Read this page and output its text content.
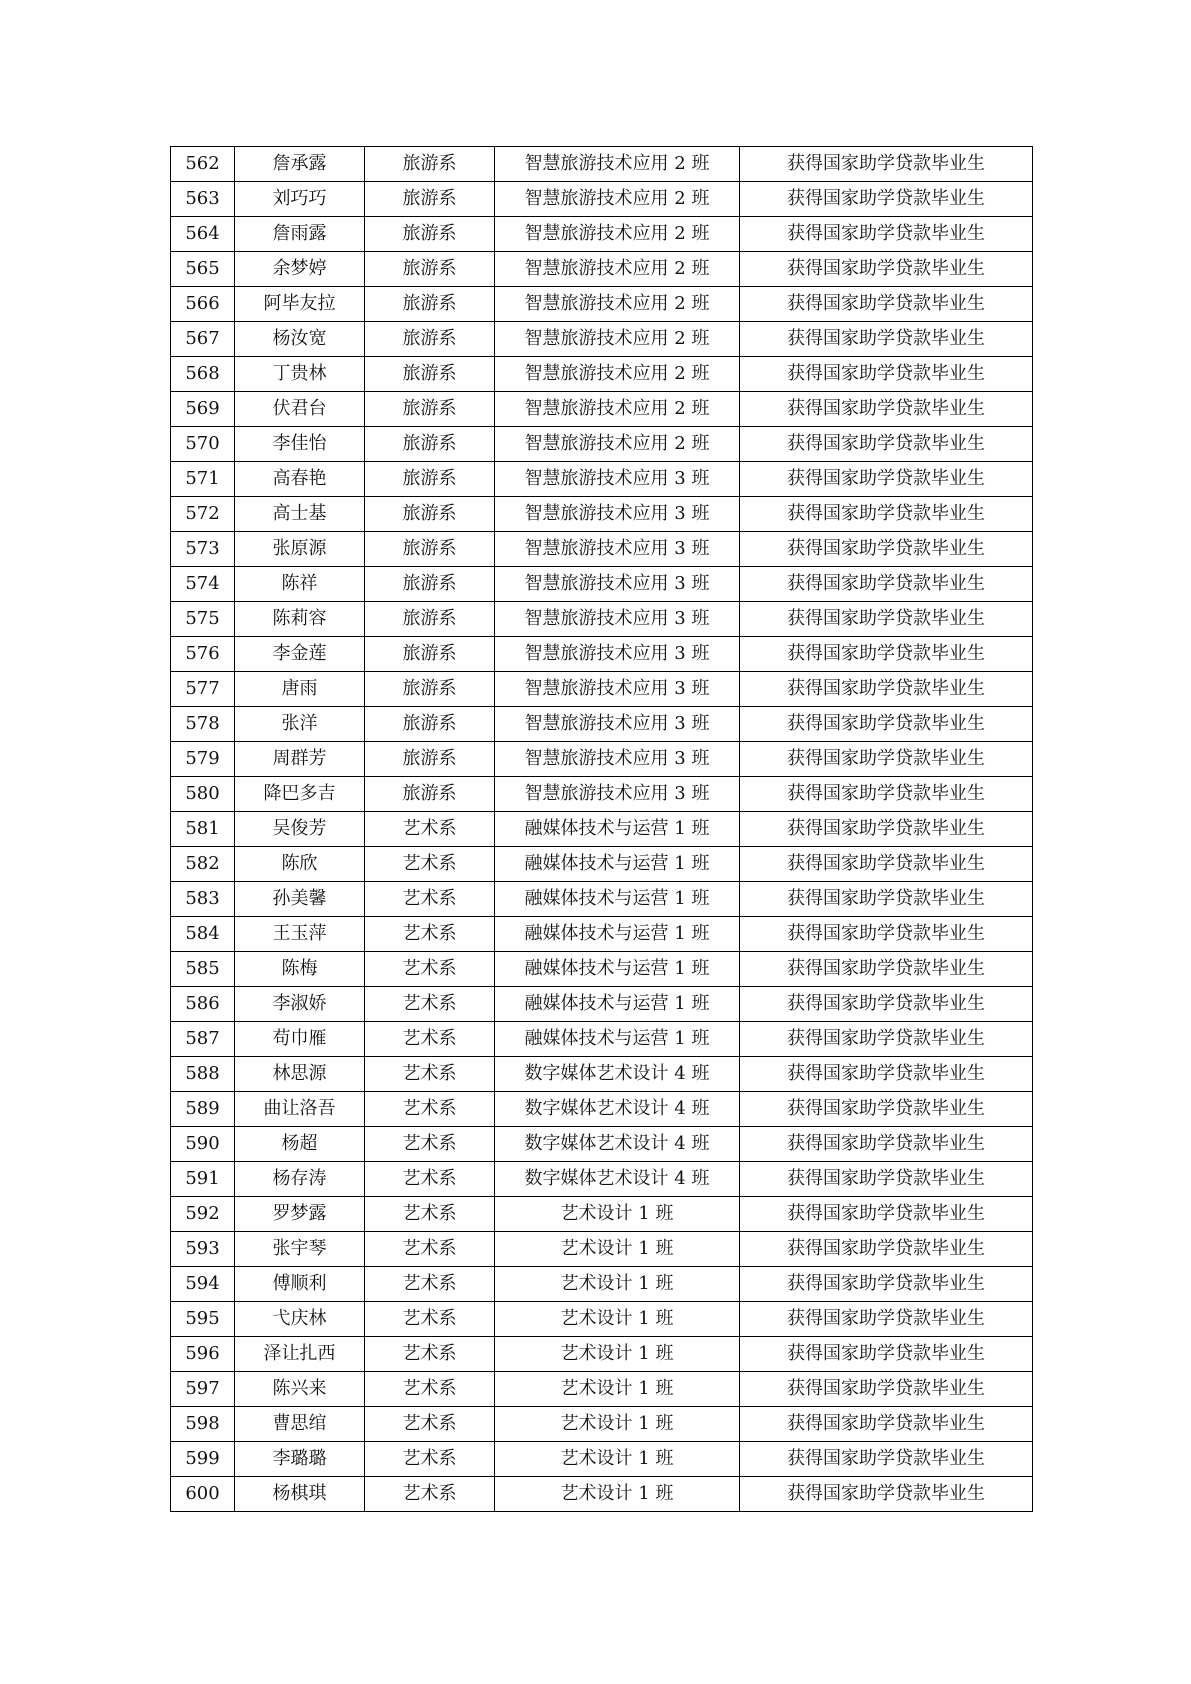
562	詹承露	旅游系	智慧旅游技术应用 2 班	获得国家助学贷款毕业生
563	刘巧巧	旅游系	智慧旅游技术应用 2 班	获得国家助学贷款毕业生
564	詹雨露	旅游系	智慧旅游技术应用 2 班	获得国家助学贷款毕业生
565	余梦婷	旅游系	智慧旅游技术应用 2 班	获得国家助学贷款毕业生
566	阿毕友拉	旅游系	智慧旅游技术应用 2 班	获得国家助学贷款毕业生
567	杨汝宽	旅游系	智慧旅游技术应用 2 班	获得国家助学贷款毕业生
568	丁贵林	旅游系	智慧旅游技术应用 2 班	获得国家助学贷款毕业生
569	伏君台	旅游系	智慧旅游技术应用 2 班	获得国家助学贷款毕业生
570	李佳怡	旅游系	智慧旅游技术应用 2 班	获得国家助学贷款毕业生
571	高春艳	旅游系	智慧旅游技术应用 3 班	获得国家助学贷款毕业生
572	高士基	旅游系	智慧旅游技术应用 3 班	获得国家助学贷款毕业生
573	张原源	旅游系	智慧旅游技术应用 3 班	获得国家助学贷款毕业生
574	陈祥	旅游系	智慧旅游技术应用 3 班	获得国家助学贷款毕业生
575	陈莉容	旅游系	智慧旅游技术应用 3 班	获得国家助学贷款毕业生
576	李金莲	旅游系	智慧旅游技术应用 3 班	获得国家助学贷款毕业生
577	唐雨	旅游系	智慧旅游技术应用 3 班	获得国家助学贷款毕业生
578	张洋	旅游系	智慧旅游技术应用 3 班	获得国家助学贷款毕业生
579	周群芳	旅游系	智慧旅游技术应用 3 班	获得国家助学贷款毕业生
580	降巴多吉	旅游系	智慧旅游技术应用 3 班	获得国家助学贷款毕业生
581	吴俊芳	艺术系	融媒体技术与运营 1 班	获得国家助学贷款毕业生
582	陈欣	艺术系	融媒体技术与运营 1 班	获得国家助学贷款毕业生
583	孙美馨	艺术系	融媒体技术与运营 1 班	获得国家助学贷款毕业生
584	王玉萍	艺术系	融媒体技术与运营 1 班	获得国家助学贷款毕业生
585	陈梅	艺术系	融媒体技术与运营 1 班	获得国家助学贷款毕业生
586	李淑娇	艺术系	融媒体技术与运营 1 班	获得国家助学贷款毕业生
587	苟巾雁	艺术系	融媒体技术与运营 1 班	获得国家助学贷款毕业生
588	林思源	艺术系	数字媒体艺术设计 4 班	获得国家助学贷款毕业生
589	曲让洛吾	艺术系	数字媒体艺术设计 4 班	获得国家助学贷款毕业生
590	杨超	艺术系	数字媒体艺术设计 4 班	获得国家助学贷款毕业生
591	杨存涛	艺术系	数字媒体艺术设计 4 班	获得国家助学贷款毕业生
592	罗梦露	艺术系	艺术设计 1 班	获得国家助学贷款毕业生
593	张宇琴	艺术系	艺术设计 1 班	获得国家助学贷款毕业生
594	傅顺利	艺术系	艺术设计 1 班	获得国家助学贷款毕业生
595	弋庆林	艺术系	艺术设计 1 班	获得国家助学贷款毕业生
596	泽让扎西	艺术系	艺术设计 1 班	获得国家助学贷款毕业生
597	陈兴来	艺术系	艺术设计 1 班	获得国家助学贷款毕业生
598	曹思绾	艺术系	艺术设计 1 班	获得国家助学贷款毕业生
599	李璐璐	艺术系	艺术设计 1 班	获得国家助学贷款毕业生
600	杨棋琪	艺术系	艺术设计 1 班	获得国家助学贷款毕业生
